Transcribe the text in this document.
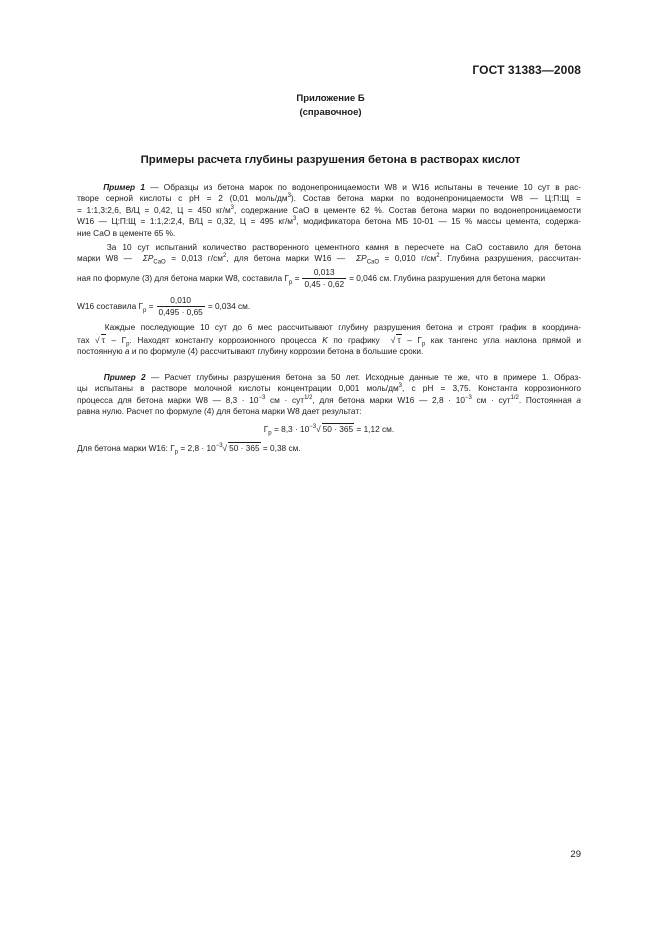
ГОСТ 31383—2008
Приложение Б
(справочное)
Примеры расчета глубины разрушения бетона в растворах кислот
Пример 1 — Образцы из бетона марок по водонепроницаемости W8 и W16 испытаны в течение 10 сут в рас-
творе серной кислоты с рН = 2 (0,01 моль/$дм^3$). Состав бетона марки по водонепроницаемости W8 — Ц:П:Щ =
= 1:1,3:2,6, В/Ц = 0,42, Ц = 450 $кг/м^3$, содержание СаО в цементе 62 %. Состав бетона марки по водонепроницаемости
W16 — Ц:П:Щ = 1:1,2:2,4, В/Ц = 0,32, Ц = 495 $кг/м^3$, модификатора бетона МБ 10-01 — 15 % массы цемента, содержа-
ние СаО в цементе 65 %.
За 10 сут испытаний количество растворенного цементного камня в пересчете на СаО составило для бетона
марки W8 — $\Sigma P_{CaO} = 0,013$ $г/см^2$, для бетона марки W16 — $\Sigma P_{CaO} = 0,010$ $г/см^2$. Глубина разрушения, рассчитан-
ная по формуле (3) для бетона марки W8, составила $Г_р = \frac{0,013}{0,45 \cdot 0,62} = 0,046$ см. Глубина разрушения для бетона марки
W16 составила $Г_р = \frac{0,010}{0,495 \cdot 0,65} = 0,034$ см.
Каждые последующие 10 сут до 6 мес рассчитывают глубину разрушения бетона и строят график в координа-
тах √ τ – $Г_р$. Находят константу коррозионного процесса K по графику  √ τ – $Г_р$ как тангенс угла наклона прямой и
постоянную a и по формуле (4) рассчитывают глубину коррозии бетона в большие сроки.
Пример 2 — Расчет глубины разрушения бетона за 50 лет. Исходные данные те же, что в примере 1. Образ-
цы испытаны в растворе молочной кислоты концентрации 0,001 моль/$дм^3$, с рН = 3,75. Константа коррозионного
процесса для бетона марки W8 — $8,3 \cdot 10^{-3}$ см · сут$^{1/2}$, для бетона марки W16 — $2,8 \cdot 10^{-3}$ см · сут$^{1/2}$. Постоянная a
равна нулю. Расчет по формуле (4) для бетона марки W8 дает результат:
$Г_р = 8,3 \cdot 10^{-3}√$ 50 · 365 = 1,12 см.
Для бетона марки W16: $Г_р = 2,8 \cdot 10^{-3}√$ 50 · 365 = 0,38 см.
29
